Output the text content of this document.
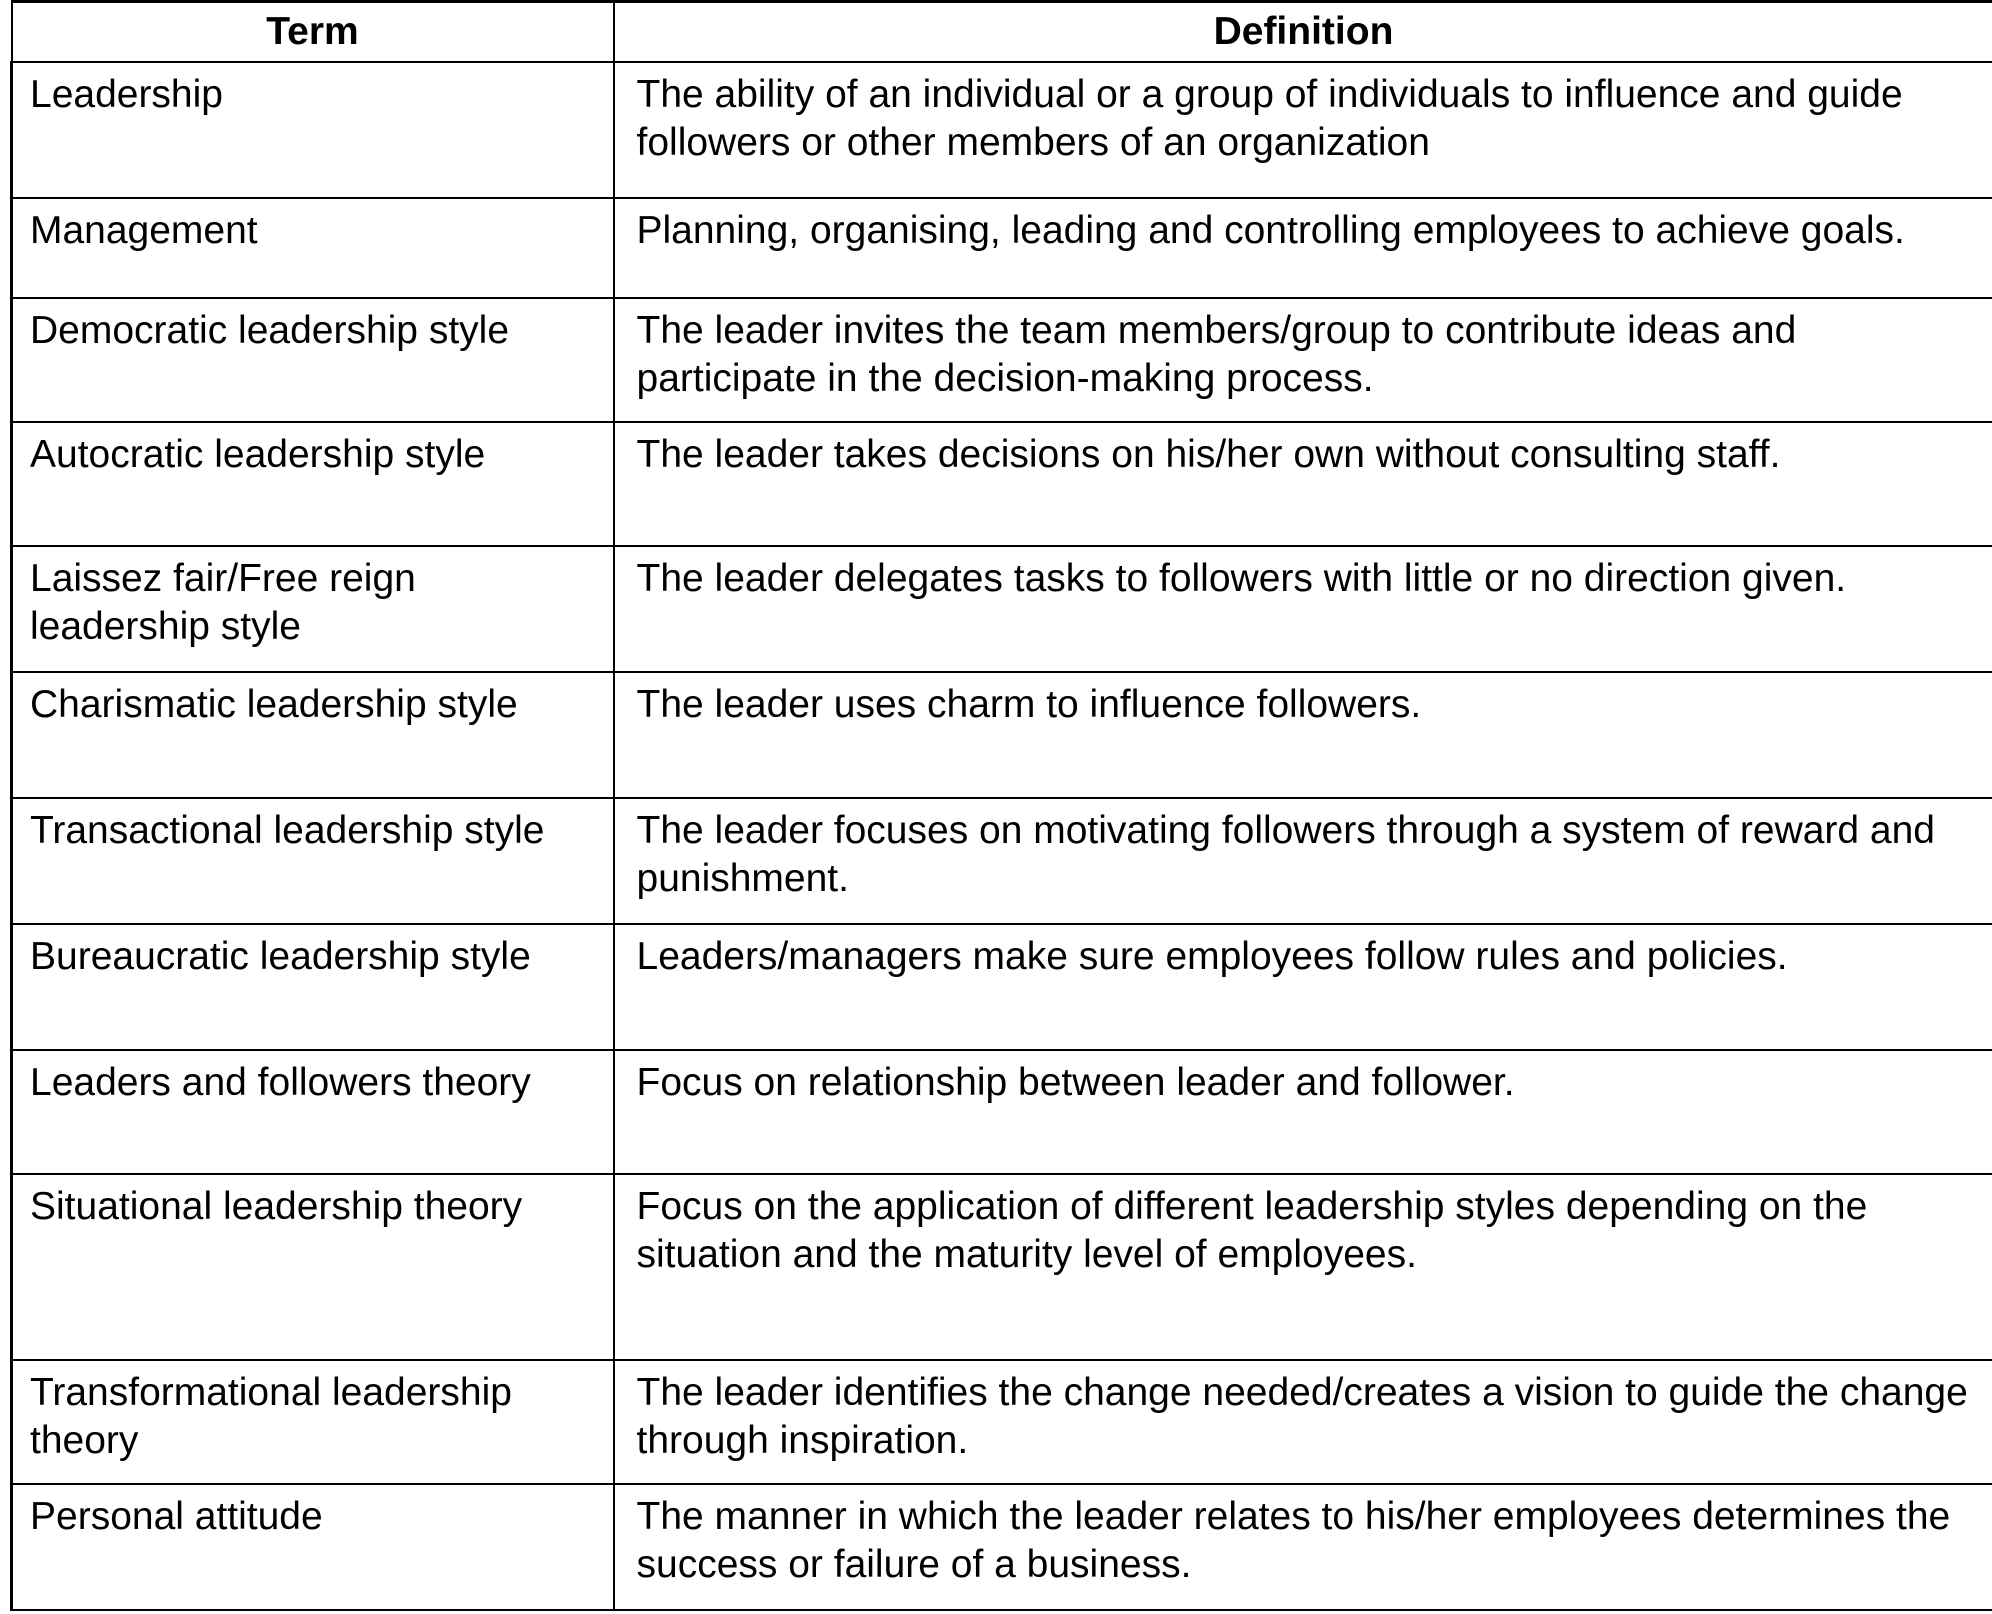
Term	Definition
Leadership	The ability of an individual or a group of individuals to influence and guide followers or other members of an organization
Management	Planning, organising, leading and controlling employees to achieve goals.
Democratic leadership style	The leader invites the team members/group to contribute ideas and participate in the decision-making process.
Autocratic leadership style	The leader takes decisions on his/her own without consulting staff.
Laissez fair/Free reign leadership style	The leader delegates tasks to followers with little or no direction given.
Charismatic leadership style	The leader uses charm to influence followers.
Transactional leadership style	The leader focuses on motivating followers through a system of reward and punishment.
Bureaucratic leadership style	Leaders/managers make sure employees follow rules and policies.
Leaders and followers theory	Focus on relationship between leader and follower.
Situational leadership theory	Focus on the application of different leadership styles depending on the situation and the maturity level of employees.
Transformational leadership theory	The leader identifies the change needed/creates a vision to guide the change through inspiration.
Personal attitude	The manner in which the leader relates to his/her employees determines the success or failure of a business.
